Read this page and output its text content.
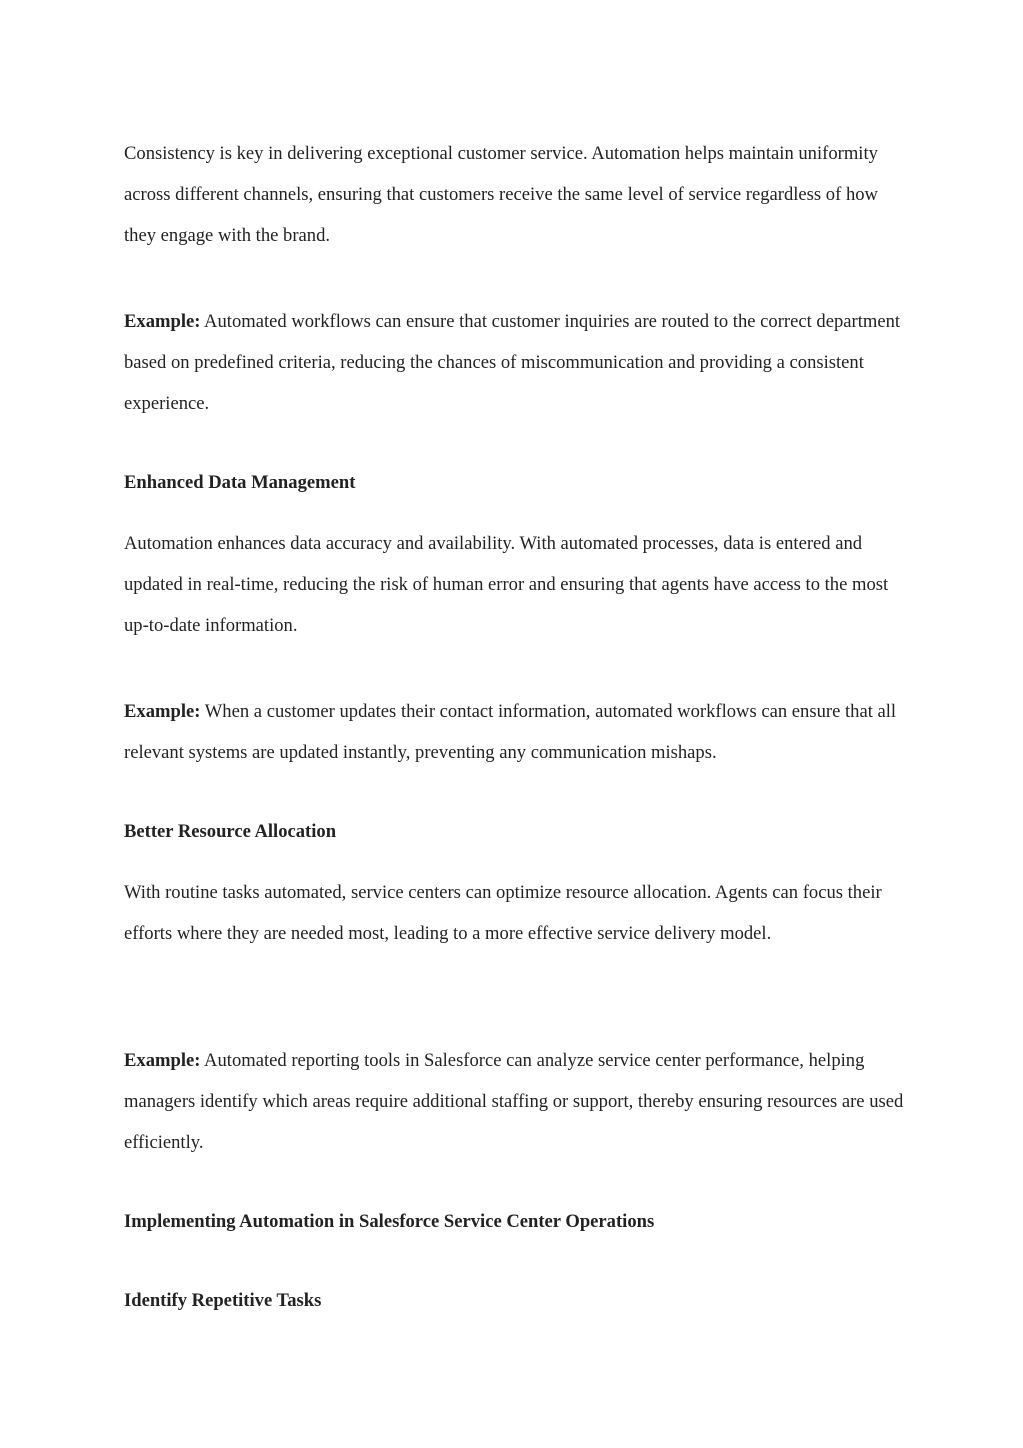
Consistency is key in delivering exceptional customer service. Automation helps maintain uniformity across different channels, ensuring that customers receive the same level of service regardless of how they engage with the brand.

Example: Automated workflows can ensure that customer inquiries are routed to the correct department based on predefined criteria, reducing the chances of miscommunication and providing a consistent experience.

Enhanced Data Management

Automation enhances data accuracy and availability. With automated processes, data is entered and updated in real-time, reducing the risk of human error and ensuring that agents have access to the most up-to-date information.

Example: When a customer updates their contact information, automated workflows can ensure that all relevant systems are updated instantly, preventing any communication mishaps.

Better Resource Allocation

With routine tasks automated, service centers can optimize resource allocation. Agents can focus their efforts where they are needed most, leading to a more effective service delivery model.

Example: Automated reporting tools in Salesforce can analyze service center performance, helping managers identify which areas require additional staffing or support, thereby ensuring resources are used efficiently.

Implementing Automation in Salesforce Service Center Operations
Identify Repetitive Tasks
